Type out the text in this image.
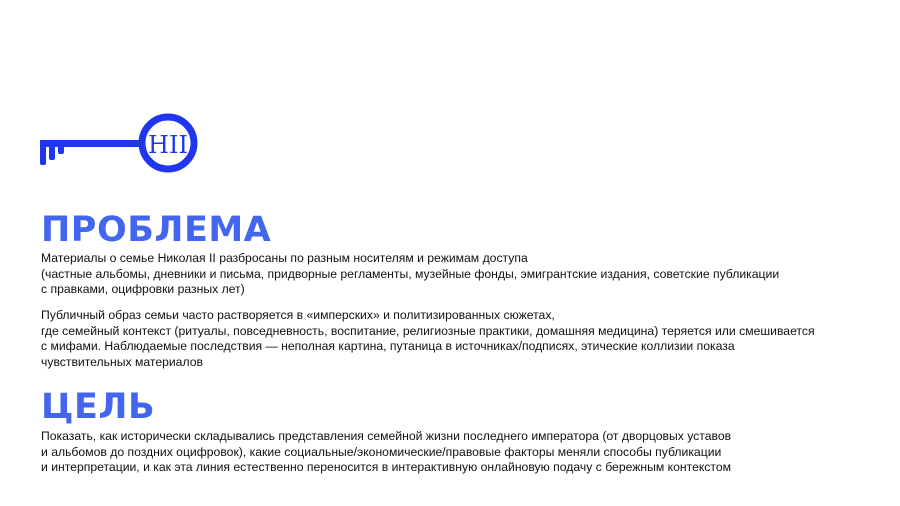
НІІ
ПРОБЛЕМА

Материалы о семье Николая II разбросаны по разным носителям и режимам доступа
(частные альбомы, дневники и письма, придворные регламенты, музейные фонды, эмигрантские издания, советские публикации
с правками, оцифровки разных лет)

Публичный образ семьи часто растворяется в «имперских» и политизированных сюжетах,
где семейный контекст (ритуалы, повседневность, воспитание, религиозные практики, домашняя медицина) теряется или смешивается
с мифами. Наблюдаемые последствия — неполная картина, путаница в источниках/подписях, этические коллизии показа
чувствительных материалов

ЦЕЛЬ

Показать, как исторически складывались представления семейной жизни последнего императора (от дворцовых уставов
и альбомов до поздних оцифровок), какие социальные/экономические/правовые факторы меняли способы публикации
и интерпретации, и как эта линия естественно переносится в интерактивную онлайновую подачу с бережным контекстом
